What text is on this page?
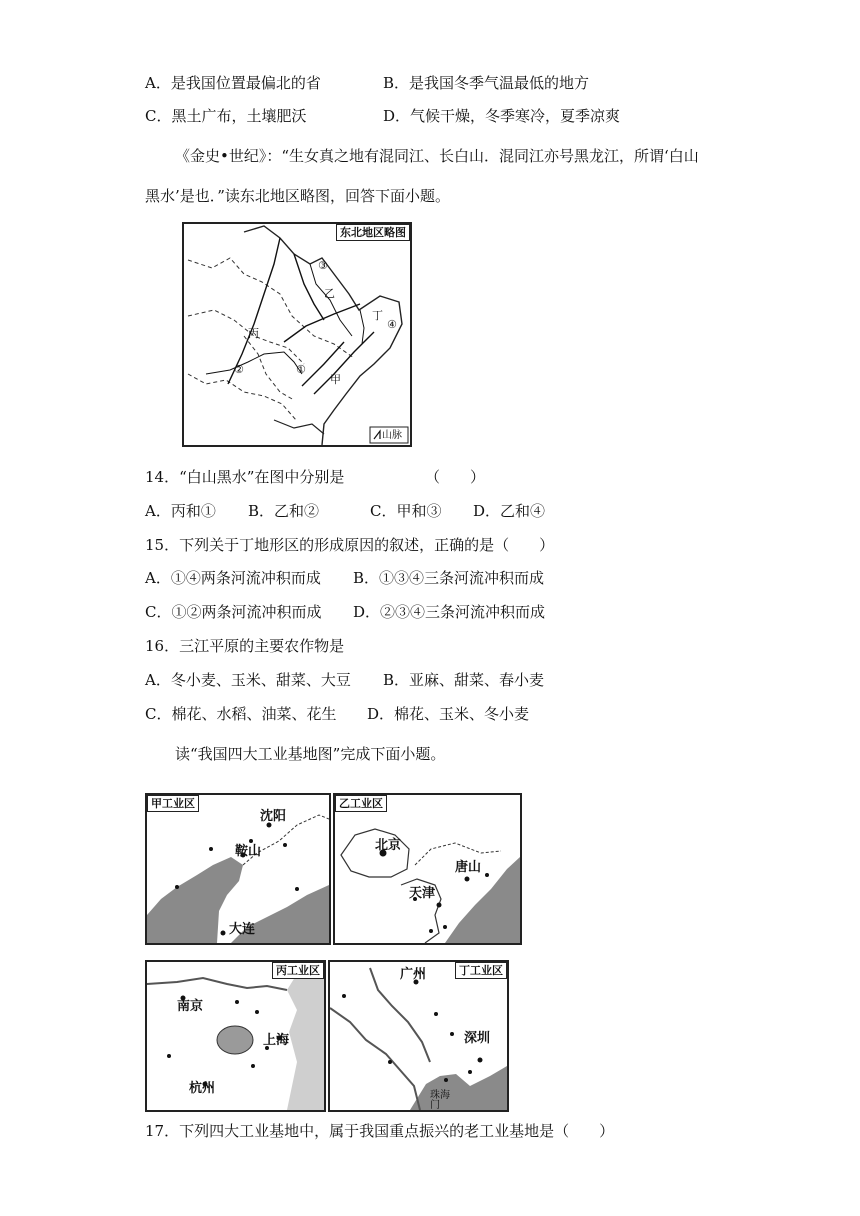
A．是我国位置最偏北的省	B．是我国冬季气温最低的地方
C．黑土广布，土壤肥沃	D．气候干燥，冬季寒冷，夏季凉爽
《金史•世纪》：“生女真之地有混同江、长白山．混同江亦号黑龙江，所谓‘白山
黑水’是也．”读东北地区略图，回答下面小题。
东北地区略图
③
乙
丁
④
丙
②	①
甲
山脉
14．“白山黑水”在图中分别是	（　　）
A．丙和① B．乙和②	C．甲和③ D．乙和④
15．下列关于丁地形区的形成原因的叙述，正确的是（　　）
A．①④两条河流冲积而成 B．①③④三条河流冲积而成
C．①②两条河流冲积而成 D．②③④三条河流冲积而成
16．三江平原的主要农作物是
A．冬小麦、玉米、甜菜、大豆 B．亚麻、甜菜、春小麦
C．棉花、水稻、油菜、花生 D．棉花、玉米、冬小麦
读“我国四大工业基地图”完成下面小题。
甲工业区
沈阳
鞍山
大连
乙工业区
北京
唐山
天津
丙工业区
南京
上海
杭州
丁工业区
广州
深圳
珠海
门
17．下列四大工业基地中，属于我国重点振兴的老工业基地是（　　）
